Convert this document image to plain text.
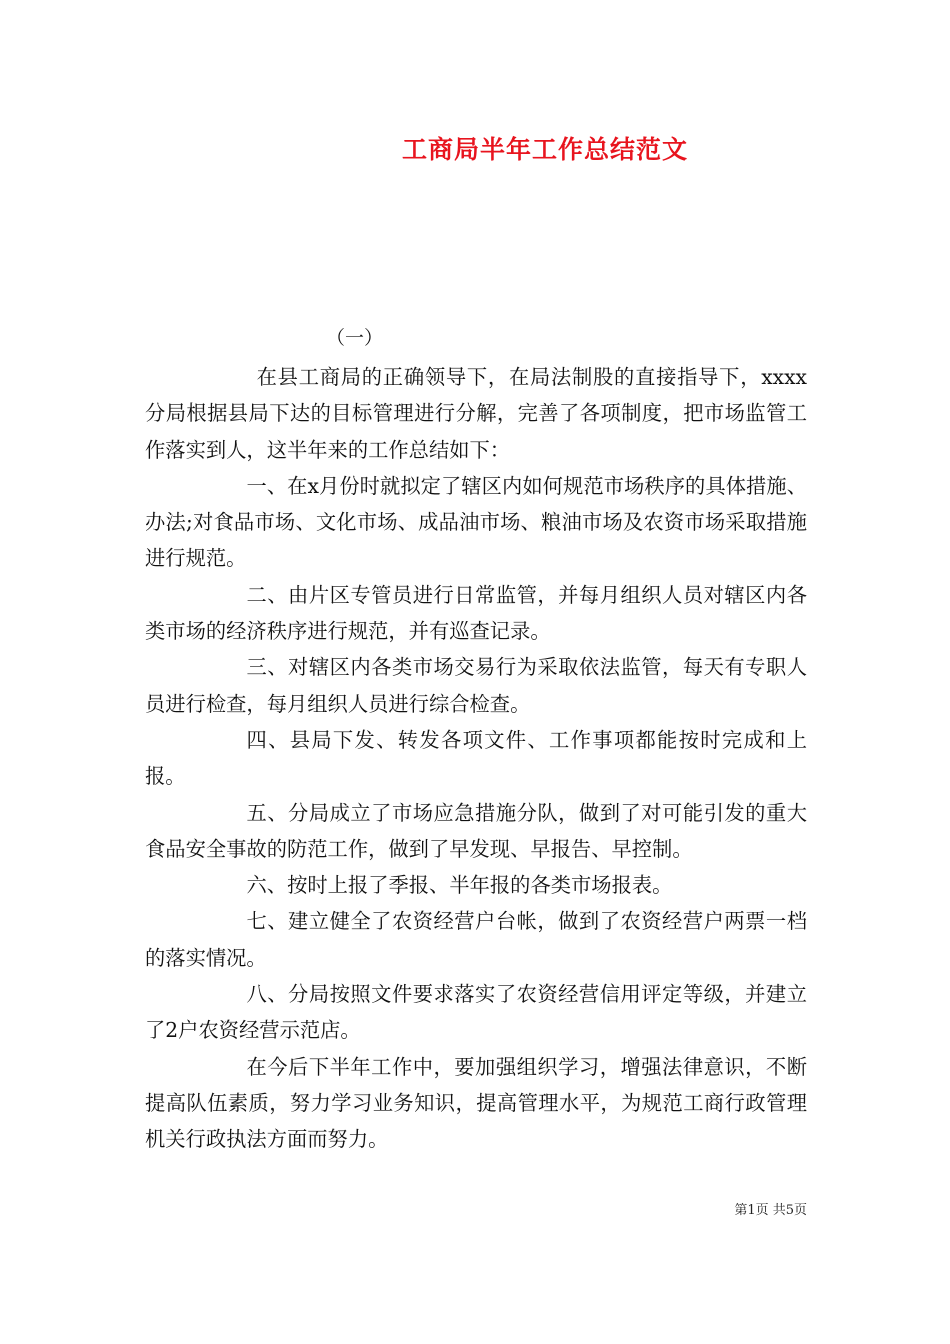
工商局半年工作总结范文
（一）

在县工商局的正确领导下，在局法制股的直接指导下，xxxx分局根据县局下达的目标管理进行分解，完善了各项制度，把市场监管工作落实到人，这半年来的工作总结如下：

一、在x月份时就拟定了辖区内如何规范市场秩序的具体措施、办法;对食品市场、文化市场、成品油市场、粮油市场及农资市场采取措施进行规范。

二、由片区专管员进行日常监管，并每月组织人员对辖区内各类市场的经济秩序进行规范，并有巡查记录。

三、对辖区内各类市场交易行为采取依法监管，每天有专职人员进行检查，每月组织人员进行综合检查。

四、县局下发、转发各项文件、工作事项都能按时完成和上报。

五、分局成立了市场应急措施分队，做到了对可能引发的重大食品安全事故的防范工作，做到了早发现、早报告、早控制。

六、按时上报了季报、半年报的各类市场报表。

七、建立健全了农资经营户台帐，做到了农资经营户两票一档的落实情况。

八、分局按照文件要求落实了农资经营信用评定等级，并建立了2户农资经营示范店。

在今后下半年工作中，要加强组织学习，增强法律意识，不断提高队伍素质，努力学习业务知识，提高管理水平，为规范工商行政管理机关行政执法方面而努力。

第1页 共5页
